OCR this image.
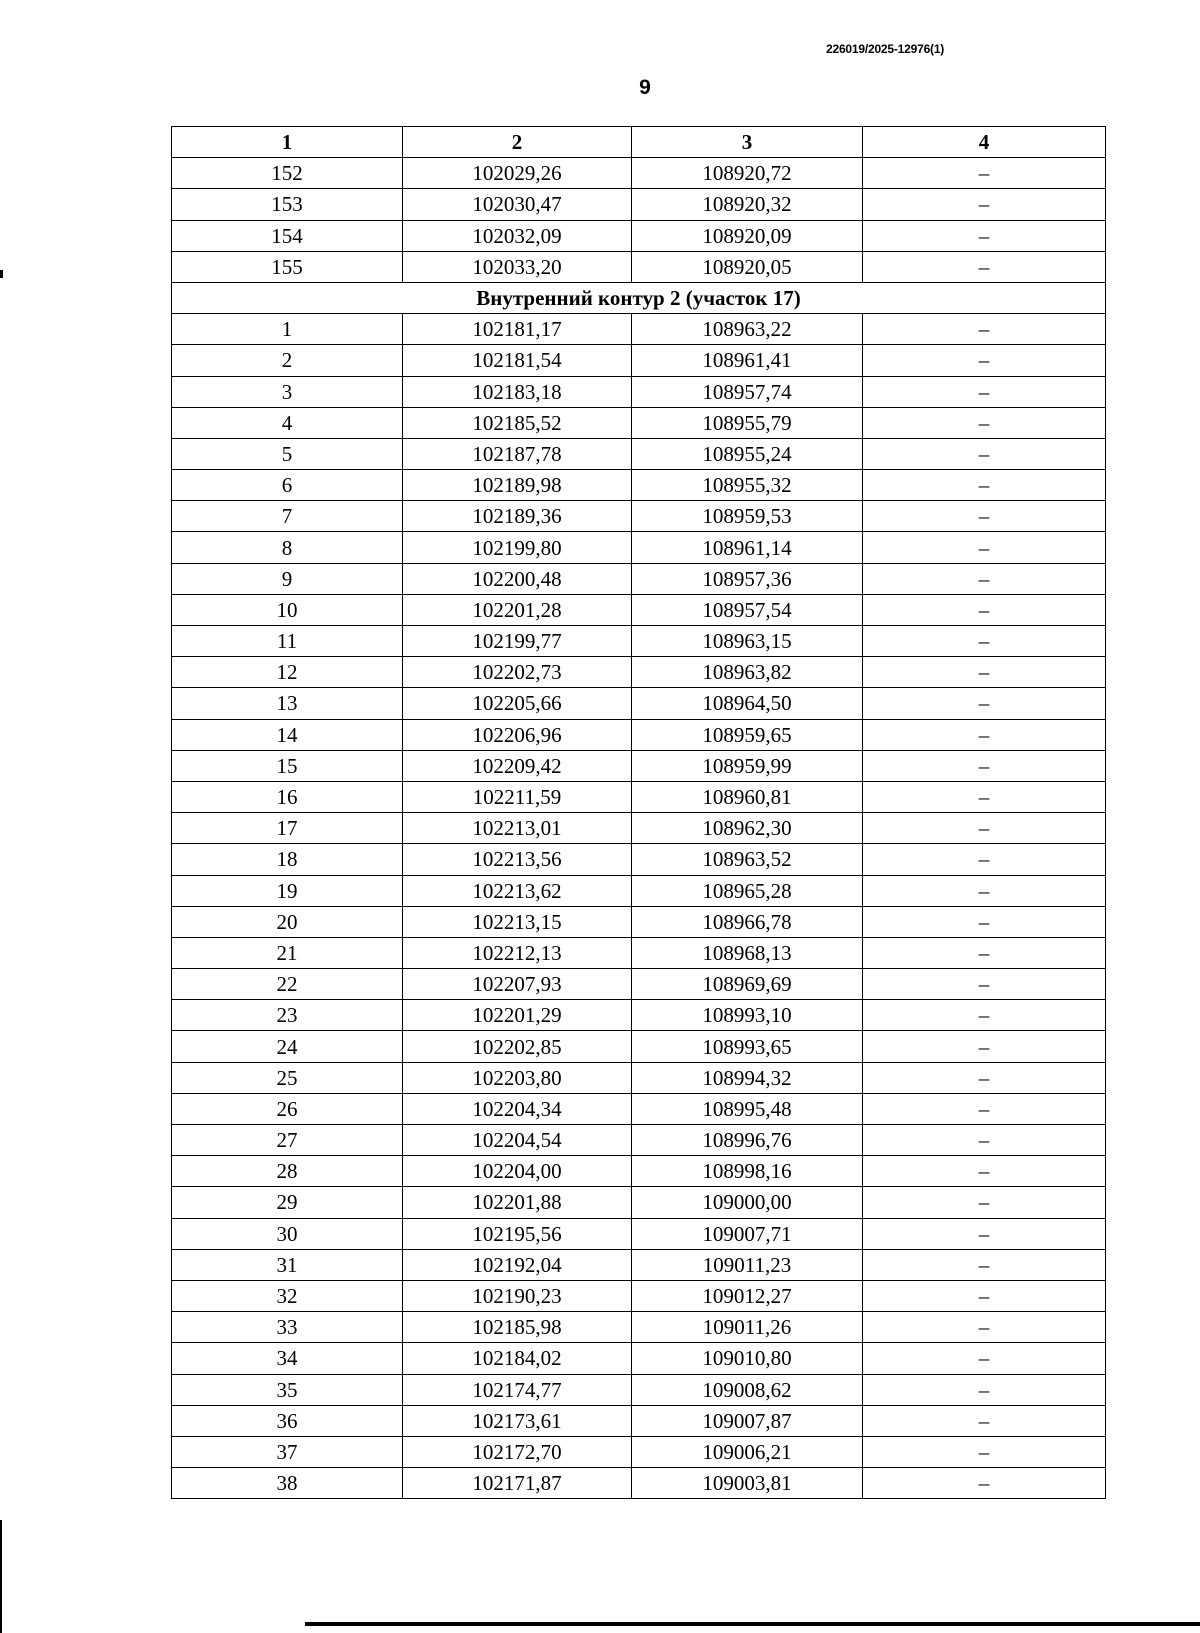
226019/2025-12976(1)
9
1	2	3	4
152	102029,26	108920,72	–
153	102030,47	108920,32	–
154	102032,09	108920,09	–
155	102033,20	108920,05	–
Внутренний контур 2 (участок 17)			
1	102181,17	108963,22	–
2	102181,54	108961,41	–
3	102183,18	108957,74	–
4	102185,52	108955,79	–
5	102187,78	108955,24	–
6	102189,98	108955,32	–
7	102189,36	108959,53	–
8	102199,80	108961,14	–
9	102200,48	108957,36	–
10	102201,28	108957,54	–
11	102199,77	108963,15	–
12	102202,73	108963,82	–
13	102205,66	108964,50	–
14	102206,96	108959,65	–
15	102209,42	108959,99	–
16	102211,59	108960,81	–
17	102213,01	108962,30	–
18	102213,56	108963,52	–
19	102213,62	108965,28	–
20	102213,15	108966,78	–
21	102212,13	108968,13	–
22	102207,93	108969,69	–
23	102201,29	108993,10	–
24	102202,85	108993,65	–
25	102203,80	108994,32	–
26	102204,34	108995,48	–
27	102204,54	108996,76	–
28	102204,00	108998,16	–
29	102201,88	109000,00	–
30	102195,56	109007,71	–
31	102192,04	109011,23	–
32	102190,23	109012,27	–
33	102185,98	109011,26	–
34	102184,02	109010,80	–
35	102174,77	109008,62	–
36	102173,61	109007,87	–
37	102172,70	109006,21	–
38	102171,87	109003,81	–
